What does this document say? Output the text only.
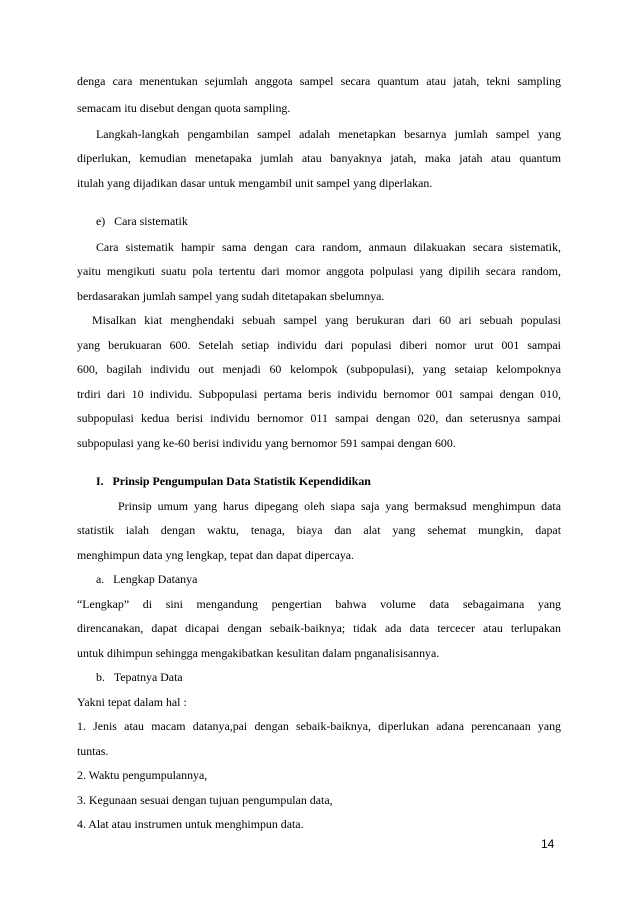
denga cara menentukan sejumlah anggota sampel secara quantum atau jatah, tekni sampling
semacam itu disebut dengan quota sampling.
Langkah-langkah pengambilan sampel adalah menetapkan besarnya jumlah sampel yang
diperlukan, kemudian menetapaka jumlah atau banyaknya jatah, maka jatah atau quantum
itulah yang dijadikan dasar untuk mengambil unit sampel yang diperlakan.
e)   Cara sistematik
Cara sistematik hampir sama dengan cara random, anmaun dilakuakan secara sistematik,
yaitu mengikuti suatu pola tertentu dari momor anggota polpulasi yang dipilih secara random,
berdasarakan jumlah sampel yang sudah ditetapakan sbelumnya.
Misalkan kiat menghendaki sebuah sampel yang berukuran dari 60 ari sebuah populasi
yang berukuaran 600. Setelah setiap individu dari populasi diberi nomor urut 001 sampai
600, bagilah individu out menjadi 60 kelompok (subpopulasi), yang setaiap kelompoknya
trdiri dari 10 individu. Subpopulasi pertama beris individu bernomor 001 sampai dengan 010,
subpopulasi kedua berisi individu bernomor 011 sampai dengan 020, dan seterusnya sampai
subpopulasi yang ke-60 berisi individu yang bernomor 591 sampai dengan 600.
I.   Prinsip Pengumpulan Data Statistik Kependidikan
Prinsip umum yang harus dipegang oleh siapa saja yang bermaksud menghimpun data
statistik ialah dengan waktu, tenaga, biaya dan alat yang sehemat mungkin, dapat
menghimpun data yng lengkap, tepat dan dapat dipercaya.
a.   Lengkap Datanya
“Lengkap” di sini mengandung pengertian bahwa volume data sebagaimana yang
direncanakan, dapat dicapai dengan sebaik-baiknya; tidak ada data tercecer atau terlupakan
untuk dihimpun sehingga mengakibatkan kesulitan dalam pnganalisisannya.
b.   Tepatnya Data
Yakni tepat dalam hal :
1. Jenis atau macam datanya,pai dengan sebaik-baiknya, diperlukan adana perencanaan yang
tuntas.
2. Waktu pengumpulannya,
3. Kegunaan sesuai dengan tujuan pengumpulan data,
4. Alat atau instrumen untuk menghimpun data.
14
